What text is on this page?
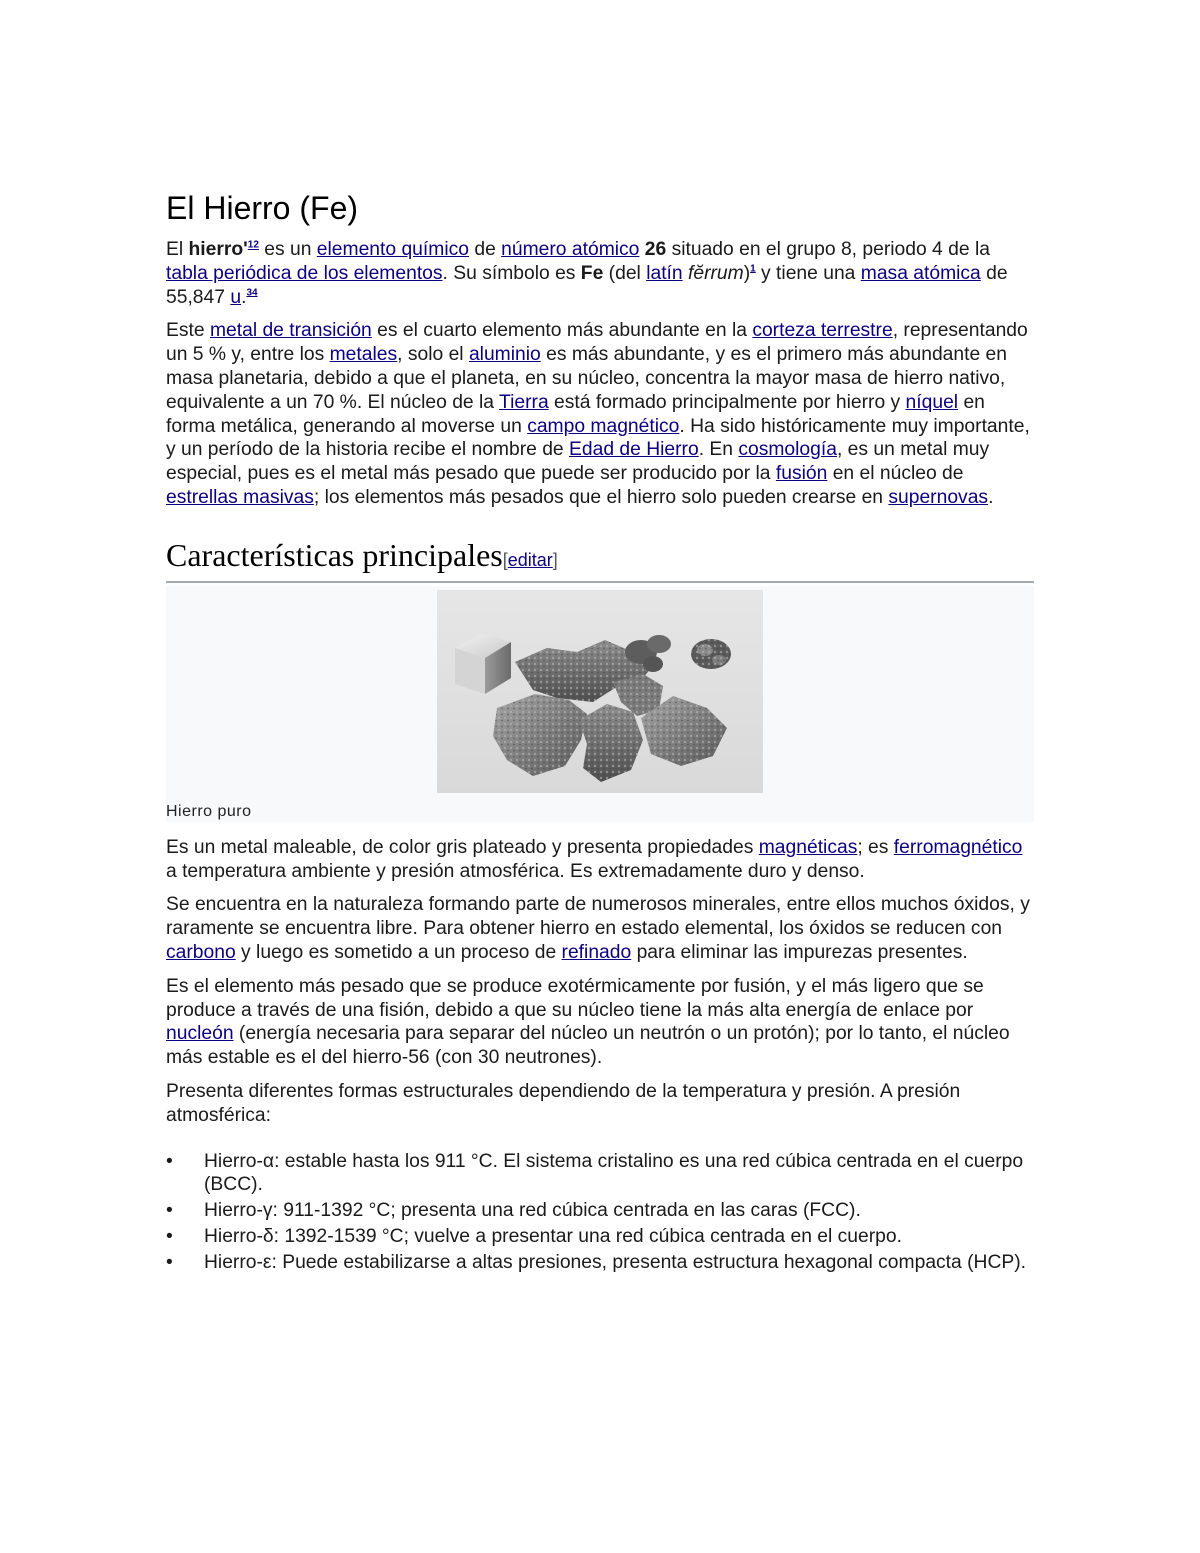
El Hierro (Fe)

El $hierro'^{12}$ es un elemento químico de número atómico 26 situado en el grupo 8, periodo 4 de la tabla periódica de los elementos. Su símbolo es Fe (del latín fĕrrum)$^1$ y tiene una masa atómica de 55,847 u.$^{34}$

Este metal de transición es el cuarto elemento más abundante en la corteza terrestre, representando un 5 % y, entre los metales, solo el aluminio es más abundante, y es el primero más abundante en masa planetaria, debido a que el planeta, en su núcleo, concentra la mayor masa de hierro nativo, equivalente a un 70 %. El núcleo de la Tierra está formado principalmente por hierro y níquel en forma metálica, generando al moverse un campo magnético. Ha sido históricamente muy importante, y un período de la historia recibe el nombre de Edad de Hierro. En cosmología, es un metal muy especial, pues es el metal más pesado que puede ser producido por la fusión en el núcleo de estrellas masivas; los elementos más pesados que el hierro solo pueden crearse en supernovas.

Características principales[editar]
Hierro puro

Es un metal maleable, de color gris plateado y presenta propiedades magnéticas; es ferromagnético a temperatura ambiente y presión atmosférica. Es extremadamente duro y denso.

Se encuentra en la naturaleza formando parte de numerosos minerales, entre ellos muchos óxidos, y raramente se encuentra libre. Para obtener hierro en estado elemental, los óxidos se reducen con carbono y luego es sometido a un proceso de refinado para eliminar las impurezas presentes.

Es el elemento más pesado que se produce exotérmicamente por fusión, y el más ligero que se produce a través de una fisión, debido a que su núcleo tiene la más alta energía de enlace por nucleón (energía necesaria para separar del núcleo un neutrón o un protón); por lo tanto, el núcleo más estable es el del hierro-56 (con 30 neutrones).

Presenta diferentes formas estructurales dependiendo de la temperatura y presión. A presión atmosférica:

• Hierro-α: estable hasta los 911 °C. El sistema cristalino es una red cúbica centrada en el cuerpo (BCC).
• Hierro-γ: 911-1392 °C; presenta una red cúbica centrada en las caras (FCC).
• Hierro-δ: 1392-1539 °C; vuelve a presentar una red cúbica centrada en el cuerpo.
• Hierro-ε: Puede estabilizarse a altas presiones, presenta estructura hexagonal compacta (HCP).
